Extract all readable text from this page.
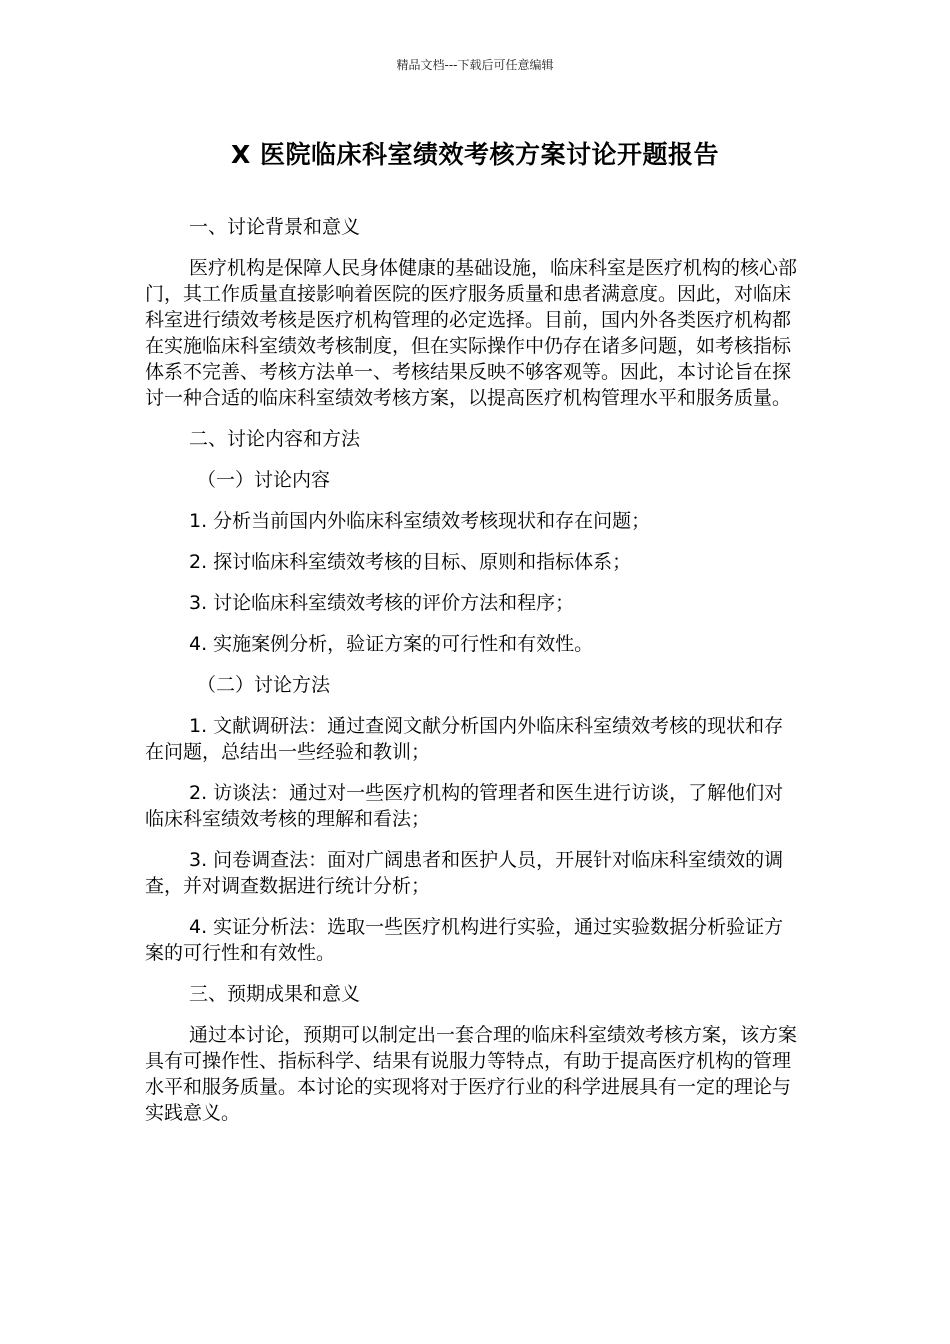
精品文档---下载后可任意编辑
X 医院临床科室绩效考核方案讨论开题报告

一、讨论背景和意义

医疗机构是保障人民身体健康的基础设施，临床科室是医疗机构的核心部门，其工作质量直接影响着医院的医疗服务质量和患者满意度。因此，对临床科室进行绩效考核是医疗机构管理的必定选择。目前，国内外各类医疗机构都在实施临床科室绩效考核制度，但在实际操作中仍存在诸多问题，如考核指标体系不完善、考核方法单一、考核结果反映不够客观等。因此，本讨论旨在探讨一种合适的临床科室绩效考核方案，以提高医疗机构管理水平和服务质量。

二、讨论内容和方法

（一）讨论内容

1. 分析当前国内外临床科室绩效考核现状和存在问题；

2. 探讨临床科室绩效考核的目标、原则和指标体系；

3. 讨论临床科室绩效考核的评价方法和程序；

4. 实施案例分析，验证方案的可行性和有效性。

（二）讨论方法

1. 文献调研法：通过查阅文献分析国内外临床科室绩效考核的现状和存在问题，总结出一些经验和教训；

2. 访谈法：通过对一些医疗机构的管理者和医生进行访谈，了解他们对临床科室绩效考核的理解和看法；

3. 问卷调查法：面对广阔患者和医护人员，开展针对临床科室绩效的调查，并对调查数据进行统计分析；

4. 实证分析法：选取一些医疗机构进行实验，通过实验数据分析验证方案的可行性和有效性。

三、预期成果和意义

通过本讨论，预期可以制定出一套合理的临床科室绩效考核方案，该方案具有可操作性、指标科学、结果有说服力等特点，有助于提高医疗机构的管理水平和服务质量。本讨论的实现将对于医疗行业的科学进展具有一定的理论与实践意义。
